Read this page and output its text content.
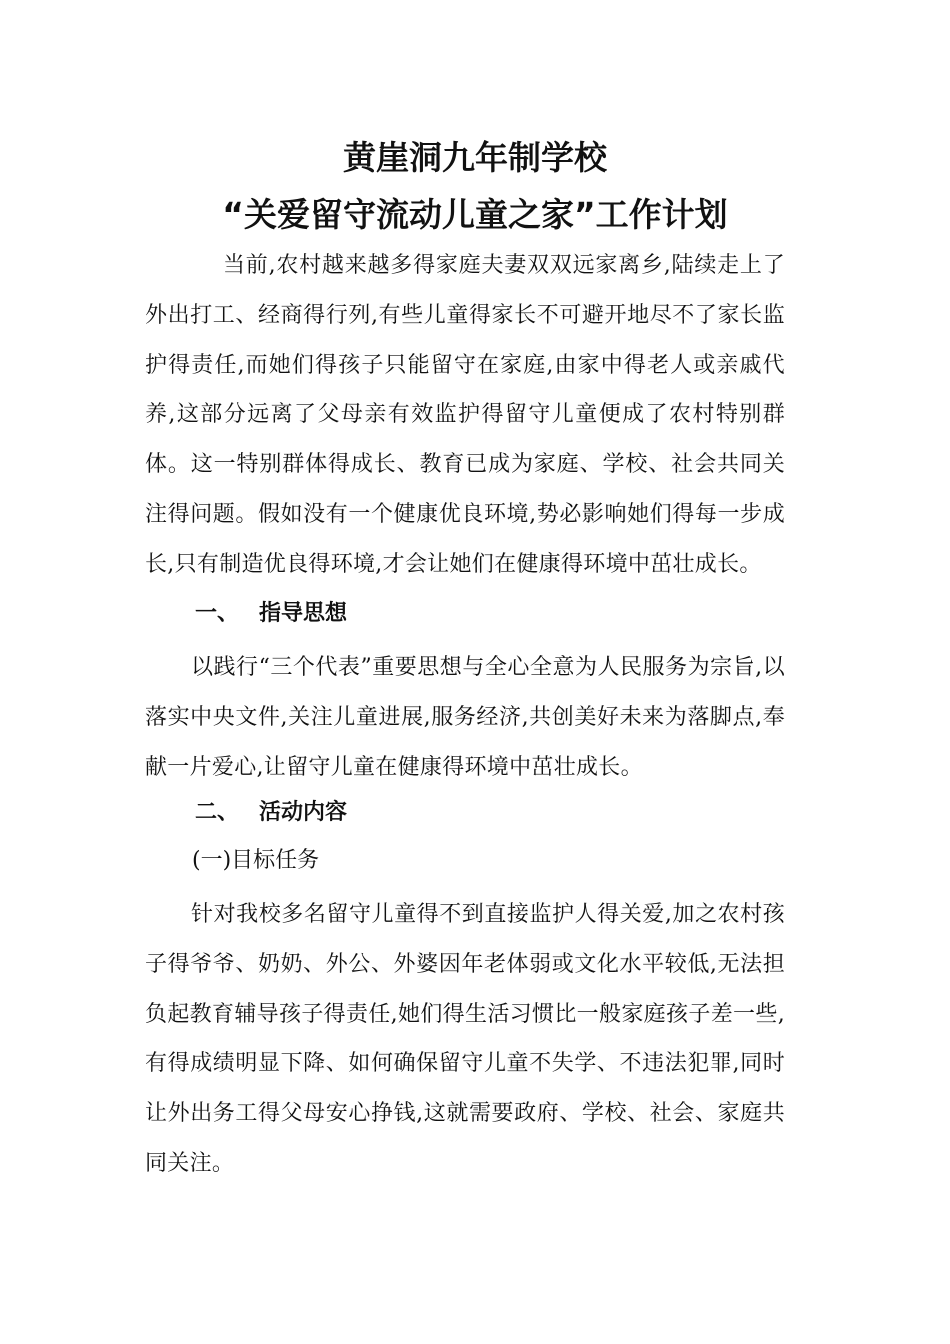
黄崖洞九年制学校
“关爱留守流动儿童之家”工作计划

当前,农村越来越多得家庭夫妻双双远家离乡,陆续走上了外出打工、经商得行列,有些儿童得家长不可避开地尽不了家长监护得责任,而她们得孩子只能留守在家庭,由家中得老人或亲戚代养,这部分远离了父母亲有效监护得留守儿童便成了农村特别群体。这一特别群体得成长、教育已成为家庭、学校、社会共同关注得问题。假如没有一个健康优良环境,势必影响她们得每一步成长,只有制造优良得环境,才会让她们在健康得环境中茁壮成长。

一、 指导思想

以践行“三个代表”重要思想与全心全意为人民服务为宗旨,以落实中央文件,关注儿童进展,服务经济,共创美好未来为落脚点,奉献一片爱心,让留守儿童在健康得环境中茁壮成长。

二、 活动内容
(一)目标任务

针对我校多名留守儿童得不到直接监护人得关爱,加之农村孩子得爷爷、奶奶、外公、外婆因年老体弱或文化水平较低,无法担负起教育辅导孩子得责任,她们得生活习惯比一般家庭孩子差一些,有得成绩明显下降、如何确保留守儿童不失学、不违法犯罪,同时让外出务工得父母安心挣钱,这就需要政府、学校、社会、家庭共同关注。
